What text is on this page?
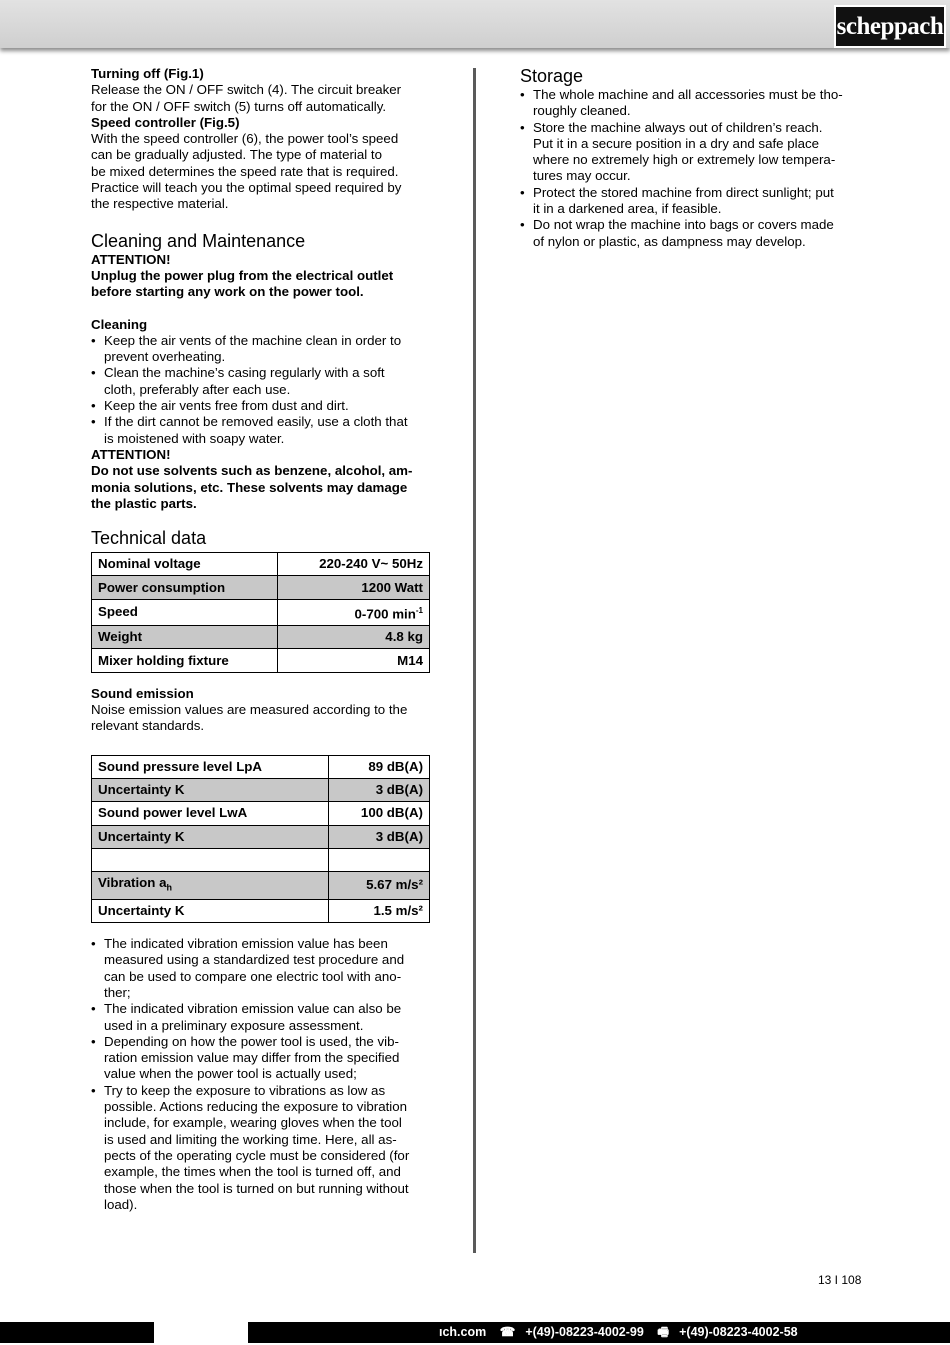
scheppach

Turning off (Fig.1)

Release the ON / OFF switch (4). The circuit breaker
for the ON / OFF switch (5) turns off automatically.

Speed controller (Fig.5)

With the speed controller (6), the power tool’s speed
can be gradually adjusted. The type of material to
be mixed determines the speed rate that is required.
Practice will teach you the optimal speed required by
the respective material.
Cleaning and Maintenance

ATTENTION!

Unplug the power plug from the electrical outlet
before starting any work on the power tool.

Cleaning

• Keep the air vents of the machine clean in order to
prevent overheating.
• Clean the machine’s casing regularly with a soft
cloth, preferably after each use.
• Keep the air vents free from dust and dirt.
• If the dirt cannot be removed easily, use a cloth that
is moistened with soapy water.

ATTENTION!

Do not use solvents such as benzene, alcohol, am-
monia solutions, etc. These solvents may damage
the plastic parts.
Technical data
Nominal voltage	220-240 V~ 50Hz
Power consumption	1200 Watt
Speed	0-700 $\min^{-1}$
Weight	4.8 kg
Mixer holding fixture	M14

Sound emission

Noise emission values are measured according to the
relevant standards.
Sound pressure level LpA	89 dB(A)
Uncertainty K	3 dB(A)
Sound power level LwA	100 dB(A)
Uncertainty K	3 dB(A)

Vibration $a_h$	5.67 m/s²
Uncertainty K	1.5 m/s²
• The indicated vibration emission value has been
measured using a standardized test procedure and
can be used to compare one electric tool with ano-
ther;
• The indicated vibration emission value can also be
used in a preliminary exposure assessment.
• Depending on how the power tool is used, the vib-
ration emission value may differ from the specified
value when the power tool is actually used;
• Try to keep the exposure to vibrations as low as
possible. Actions reducing the exposure to vibration
include, for example, wearing gloves when the tool
is used and limiting the working time. Here, all as-
pects of the operating cycle must be considered (for
example, the times when the tool is turned off, and
those when the tool is turned on but running without
load).
Storage
• The whole machine and all accessories must be tho-
roughly cleaned.
• Store the machine always out of children’s reach.
Put it in a secure position in a dry and safe place
where no extremely high or extremely low tempera-
tures may occur.
• Protect the stored machine from direct sunlight; put
it in a darkened area, if feasible.
• Do not wrap the machine into bags or covers made
of nylon or plastic, as dampness may develop.
13 I 108
ıch.com ☎ +(49)-08223-4002-99 🖷 +(49)-08223-4002-58
